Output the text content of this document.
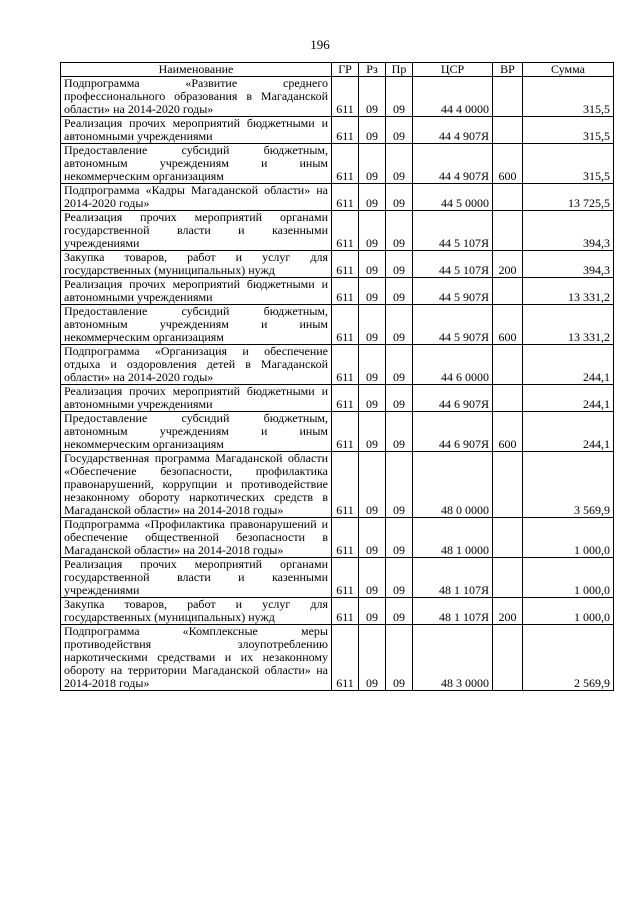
196
Наименование	ГР	Рз	Пр	ЦСР	ВР	Сумма
Подпрограмма «Развитие среднего профессионального образования в Магаданской области» на 2014-2020 годы»	611	09	09	44 4 0000		315,5
Реализация прочих мероприятий бюджетными и автономными учреждениями	611	09	09	44 4 907Я		315,5
Предоставление субсидий бюджетным, автономным учреждениям и иным некоммерческим организациям	611	09	09	44 4 907Я	600	315,5
Подпрограмма «Кадры Магаданской области» на 2014-2020 годы»	611	09	09	44 5 0000		13 725,5
Реализация прочих мероприятий органами государственной власти и казенными учреждениями	611	09	09	44 5 107Я		394,3
Закупка товаров, работ и услуг для государственных (муниципальных) нужд	611	09	09	44 5 107Я	200	394,3
Реализация прочих мероприятий бюджетными и автономными учреждениями	611	09	09	44 5 907Я		13 331,2
Предоставление субсидий бюджетным, автономным учреждениям и иным некоммерческим организациям	611	09	09	44 5 907Я	600	13 331,2
Подпрограмма «Организация и обеспечение отдыха и оздоровления детей в Магаданской области» на 2014-2020 годы»	611	09	09	44 6 0000		244,1
Реализация прочих мероприятий бюджетными и автономными учреждениями	611	09	09	44 6 907Я		244,1
Предоставление субсидий бюджетным, автономным учреждениям и иным некоммерческим организациям	611	09	09	44 6 907Я	600	244,1
Государственная программа Магаданской области «Обеспечение безопасности, профилактика правонарушений, коррупции и противодействие незаконному обороту наркотических средств в Магаданской области» на 2014-2018 годы»	611	09	09	48 0 0000		3 569,9
Подпрограмма «Профилактика правонарушений и обеспечение общественной безопасности в Магаданской области» на 2014-2018 годы»	611	09	09	48 1 0000		1 000,0
Реализация прочих мероприятий органами государственной власти и казенными учреждениями	611	09	09	48 1 107Я		1 000,0
Закупка товаров, работ и услуг для государственных (муниципальных) нужд	611	09	09	48 1 107Я	200	1 000,0
Подпрограмма «Комплексные меры противодействия злоупотреблению наркотическими средствами и их незаконному обороту на территории Магаданской области» на 2014-2018 годы»	611	09	09	48 3 0000		2 569,9
